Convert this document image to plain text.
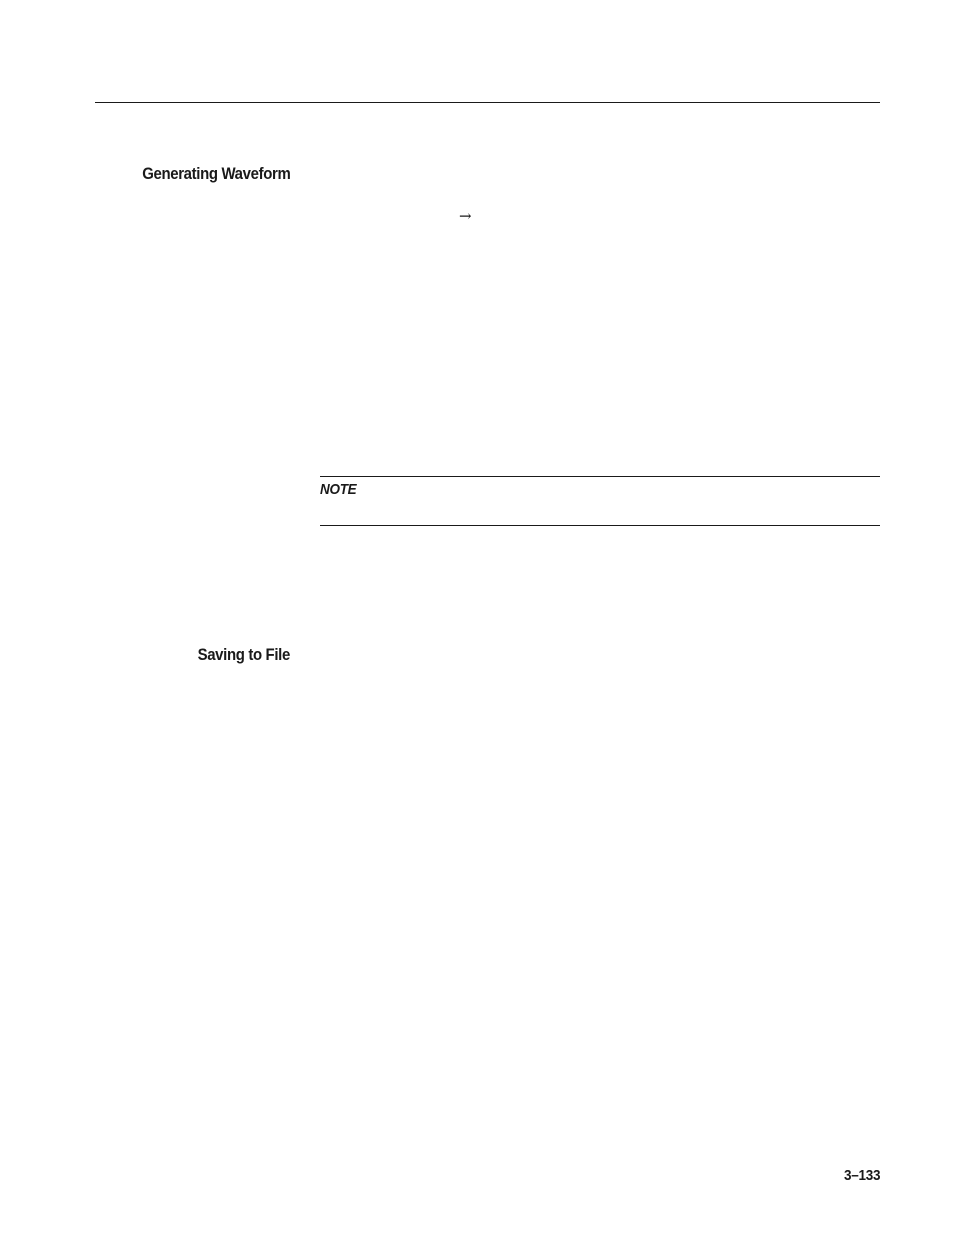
Generating Waveform
→
NOTE
Saving to File
3–133
